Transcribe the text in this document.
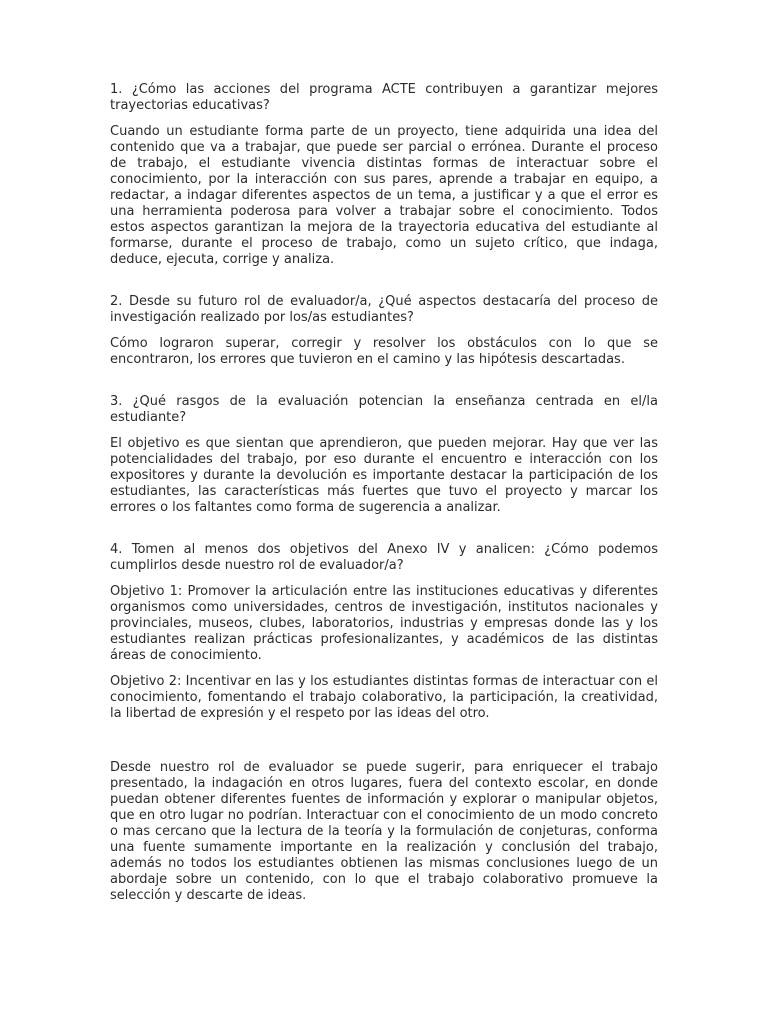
1. ¿Cómo las acciones del programa ACTE contribuyen a garantizar mejores trayectorias educativas?

Cuando un estudiante forma parte de un proyecto, tiene adquirida una idea del contenido que va a trabajar, que puede ser parcial o errónea. Durante el proceso de trabajo, el estudiante vivencia distintas formas de interactuar sobre el conocimiento, por la interacción con sus pares, aprende a trabajar en equipo, a redactar, a indagar diferentes aspectos de un tema, a justificar y a que el error es una herramienta poderosa para volver a trabajar sobre el conocimiento. Todos estos aspectos garantizan la mejora de la trayectoria educativa del estudiante al formarse, durante el proceso de trabajo, como un sujeto crítico, que indaga, deduce, ejecuta, corrige y analiza.

2. Desde su futuro rol de evaluador/a, ¿Qué aspectos destacaría del proceso de investigación realizado por los/as estudiantes?

Cómo lograron superar, corregir y resolver los obstáculos con lo que se encontraron, los errores que tuvieron en el camino y las hipótesis descartadas.

3. ¿Qué rasgos de la evaluación potencian la enseñanza centrada en el/la estudiante?

El objetivo es que sientan que aprendieron, que pueden mejorar. Hay que ver las potencialidades del trabajo, por eso durante el encuentro e interacción con los expositores y durante la devolución es importante destacar la participación de los estudiantes, las características más fuertes que tuvo el proyecto y marcar los errores o los faltantes como forma de sugerencia a analizar.

4. Tomen al menos dos objetivos del Anexo IV y analicen: ¿Cómo podemos cumplirlos desde nuestro rol de evaluador/a?

Objetivo 1: Promover la articulación entre las instituciones educativas y diferentes organismos como universidades, centros de investigación, institutos nacionales y provinciales, museos, clubes, laboratorios, industrias y empresas donde las y los estudiantes realizan prácticas profesionalizantes, y académicos de las distintas áreas de conocimiento.

Objetivo 2: Incentivar en las y los estudiantes distintas formas de interactuar con el conocimiento, fomentando el trabajo colaborativo, la participación, la creatividad, la libertad de expresión y el respeto por las ideas del otro.

Desde nuestro rol de evaluador se puede sugerir, para enriquecer el trabajo presentado, la indagación en otros lugares, fuera del contexto escolar, en donde puedan obtener diferentes fuentes de información y explorar o manipular objetos, que en otro lugar no podrían. Interactuar con el conocimiento de un modo concreto o mas cercano que la lectura de la teoría y la formulación de conjeturas, conforma una fuente sumamente importante en la realización y conclusión del trabajo, además no todos los estudiantes obtienen las mismas conclusiones luego de un abordaje sobre un contenido, con lo que el trabajo colaborativo promueve la selección y descarte de ideas.
